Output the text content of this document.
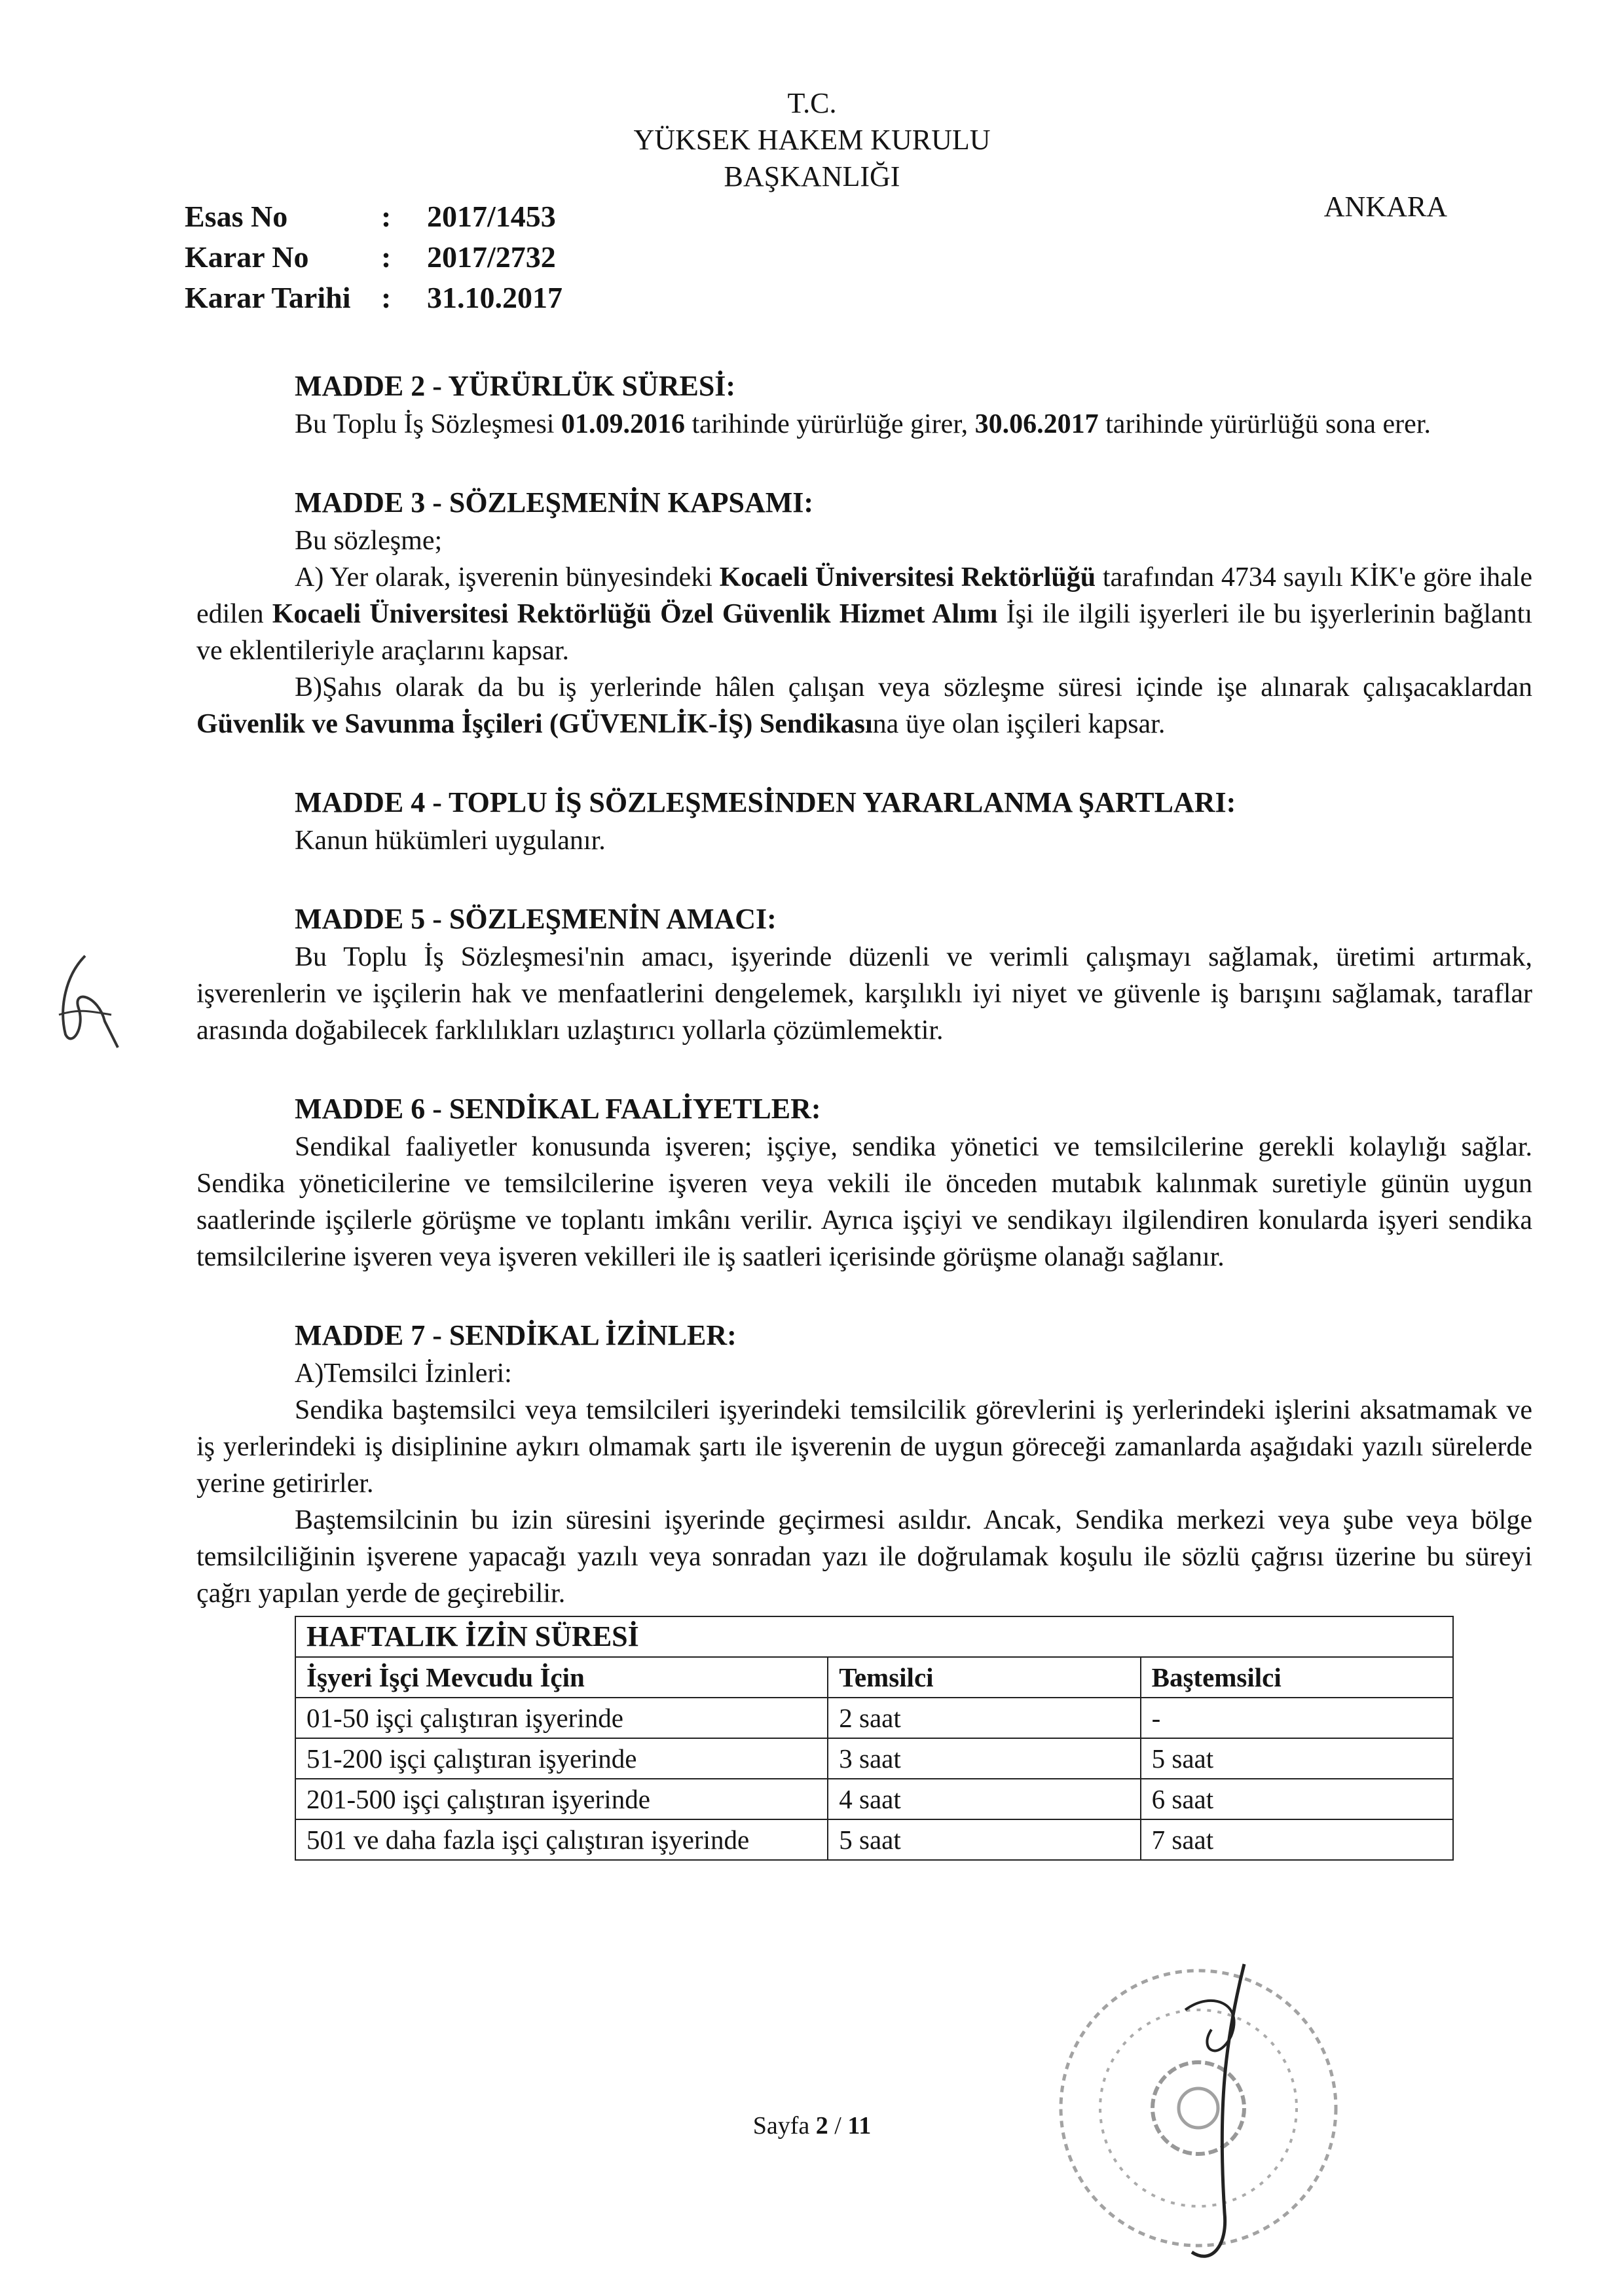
T.C.
YÜKSEK HAKEM KURULU
BAŞKANLIĞI
ANKARA
Esas No	: 2017/1453
Karar No : 2017/2732
Karar Tarihi : 31.10.2017
MADDE 2 - YÜRÜRLÜK SÜRESİ:

Bu Toplu İş Sözleşmesi 01.09.2016 tarihinde yürürlüğe girer, 30.06.2017 tarihinde yürürlüğü sona erer.

MADDE 3 - SÖZLEŞMENİN KAPSAMI:

Bu sözleşme;

A) Yer olarak, işverenin bünyesindeki Kocaeli Üniversitesi Rektörlüğü tarafından 4734 sayılı KİK'e göre ihale edilen Kocaeli Üniversitesi Rektörlüğü Özel Güvenlik Hizmet Alımı İşi ile ilgili işyerleri ile bu işyerlerinin bağlantı ve eklentileriyle araçlarını kapsar.

B)Şahıs olarak da bu iş yerlerinde hâlen çalışan veya sözleşme süresi içinde işe alınarak çalışacaklardan Güvenlik ve Savunma İşçileri (GÜVENLİK-İŞ) Sendikasına üye olan işçileri kapsar.

MADDE 4 - TOPLU İŞ SÖZLEŞMESİNDEN YARARLANMA ŞARTLARI:

Kanun hükümleri uygulanır.

MADDE 5 - SÖZLEŞMENİN AMACI:

Bu Toplu İş Sözleşmesi'nin amacı, işyerinde düzenli ve verimli çalışmayı sağlamak, üretimi artırmak, işverenlerin ve işçilerin hak ve menfaatlerini dengelemek, karşılıklı iyi niyet ve güvenle iş barışını sağlamak, taraflar arasında doğabilecek farklılıkları uzlaştırıcı yollarla çözümlemektir.

MADDE 6 - SENDİKAL FAALİYETLER:

Sendikal faaliyetler konusunda işveren; işçiye, sendika yönetici ve temsilcilerine gerekli kolaylığı sağlar. Sendika yöneticilerine ve temsilcilerine işveren veya vekili ile önceden mutabık kalınmak suretiyle günün uygun saatlerinde işçilerle görüşme ve toplantı imkânı verilir. Ayrıca işçiyi ve sendikayı ilgilendiren konularda işyeri sendika temsilcilerine işveren veya işveren vekilleri ile iş saatleri içerisinde görüşme olanağı sağlanır.

MADDE 7 - SENDİKAL İZİNLER:

A)Temsilci İzinleri:

Sendika baştemsilci veya temsilcileri işyerindeki temsilcilik görevlerini iş yerlerindeki işlerini aksatmamak ve iş yerlerindeki iş disiplinine aykırı olmamak şartı ile işverenin de uygun göreceği zamanlarda aşağıdaki yazılı sürelerde yerine getirirler.

Baştemsilcinin bu izin süresini işyerinde geçirmesi asıldır. Ancak, Sendika merkezi veya şube veya bölge temsilciliğinin işverene yapacağı yazılı veya sonradan yazı ile doğrulamak koşulu ile sözlü çağrısı üzerine bu süreyi çağrı yapılan yerde de geçirebilir.

HAFTALIK İZİN SÜRESİ		
İşyeri İşçi Mevcudu İçin	Temsilci	Baştemsilci
01-50 işçi çalıştıran işyerinde	2 saat	-
51-200 işçi çalıştıran işyerinde	3 saat	5 saat
201-500 işçi çalıştıran işyerinde	4 saat	6 saat
501 ve daha fazla işçi çalıştıran işyerinde	5 saat	7 saat
Sayfa 2 / 11
